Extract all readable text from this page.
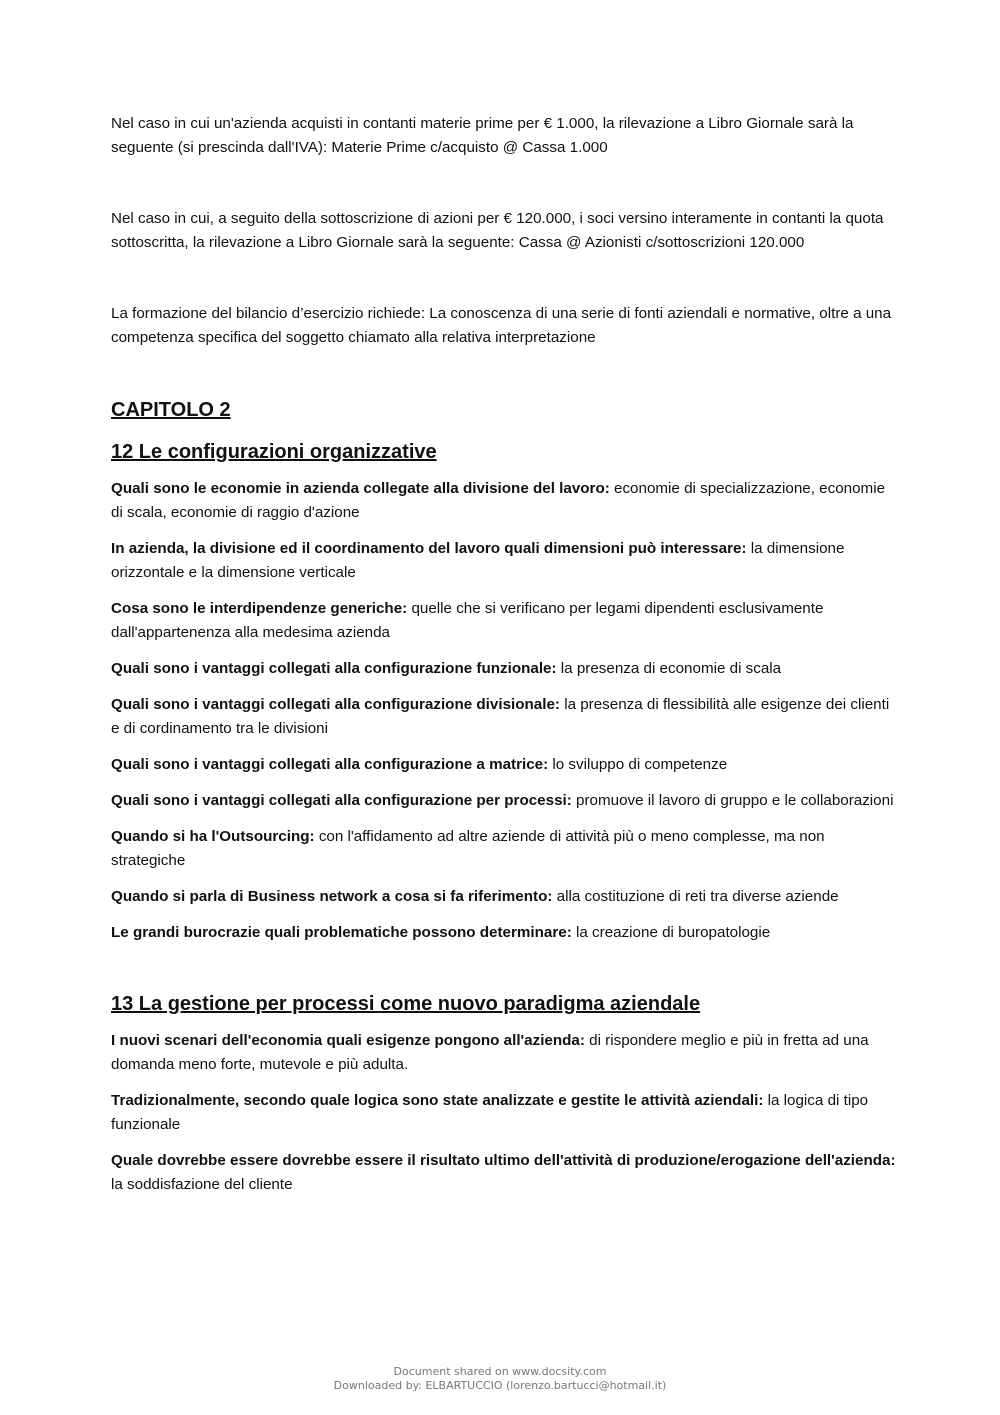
Nel caso in cui un'azienda acquisti in contanti materie prime per € 1.000, la rilevazione a Libro Giornale sarà la seguente (si prescinda dall'IVA): Materie Prime c/acquisto @ Cassa 1.000

Nel caso in cui, a seguito della sottoscrizione di azioni per € 120.000, i soci versino interamente in contanti la quota sottoscritta, la rilevazione a Libro Giornale sarà la seguente: Cassa @ Azionisti c/sottoscrizioni 120.000

La formazione del bilancio d’esercizio richiede: La conoscenza di una serie di fonti aziendali e normative, oltre a una competenza specifica del soggetto chiamato alla relativa interpretazione

CAPITOLO 2
12 Le configurazioni organizzative

Quali sono le economie in azienda collegate alla divisione del lavoro: economie di specializzazione, economie di scala, economie di raggio d'azione

In azienda, la divisione ed il coordinamento del lavoro quali dimensioni può interessare: la dimensione orizzontale e la dimensione verticale

Cosa sono le interdipendenze generiche: quelle che si verificano per legami dipendenti esclusivamente dall'appartenenza alla medesima azienda

Quali sono i vantaggi collegati alla configurazione funzionale: la presenza di economie di scala

Quali sono i vantaggi collegati alla configurazione divisionale: la presenza di flessibilità alle esigenze dei clienti e di cordinamento tra le divisioni

Quali sono i vantaggi collegati alla configurazione a matrice: lo sviluppo di competenze

Quali sono i vantaggi collegati alla configurazione per processi: promuove il lavoro di gruppo e le collaborazioni

Quando si ha l'Outsourcing: con l'affidamento ad altre aziende di attività più o meno complesse, ma non strategiche

Quando si parla di Business network a cosa si fa riferimento: alla costituzione di reti tra diverse aziende

Le grandi burocrazie quali problematiche possono determinare: la creazione di buropatologie

13 La gestione per processi come nuovo paradigma aziendale

I nuovi scenari dell'economia quali esigenze pongono all'azienda: di rispondere meglio e più in fretta ad una domanda meno forte, mutevole e più adulta.

Tradizionalmente, secondo quale logica sono state analizzate e gestite le attività aziendali: la logica di tipo funzionale

Quale dovrebbe essere dovrebbe essere il risultato ultimo dell'attività di produzione/erogazione dell'azienda: la soddisfazione del cliente

Document shared on www.docsity.com
Downloaded by: ELBARTUCCIO (lorenzo.bartucci@hotmail.it)
